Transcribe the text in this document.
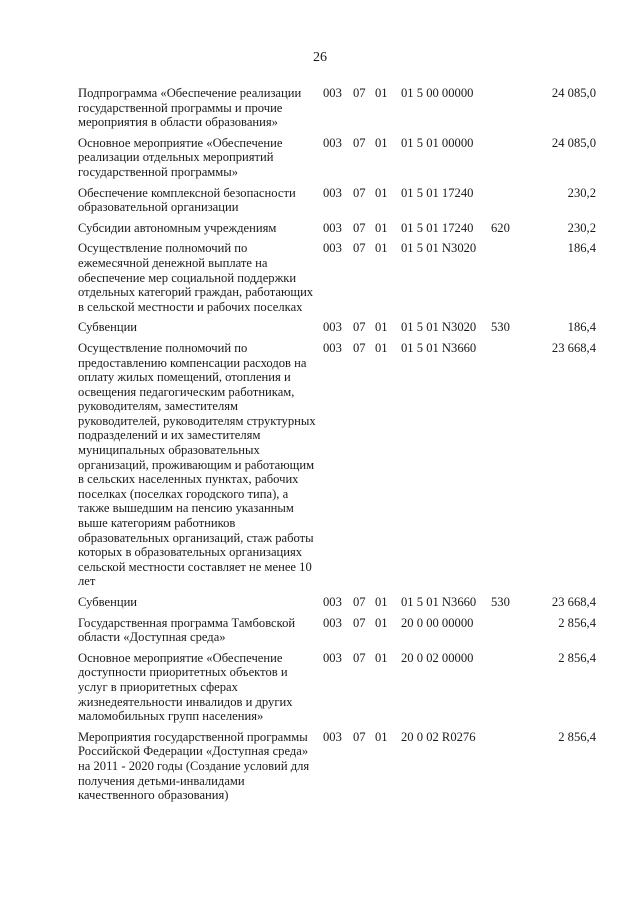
26
Подпрограмма «Обеспечение реализации государственной программы и прочие мероприятия в области образования»
003 07 01 01 5 00 00000	24 085,0
Основное мероприятие «Обеспечение реализации отдельных мероприятий государственной программы»
003 07 01 01 5 01 00000	24 085,0
Обеспечение комплексной безопасности образовательной организации
003 07 01 01 5 01 17240	230,2
Субсидии автономным учреждениям	003 07 01 01 5 01 17240 620	230,2
Осуществление полномочий по ежемесячной денежной выплате на обеспечение мер социальной поддержки отдельных категорий граждан, работающих в сельской местности и рабочих поселках
003 07 01 01 5 01 N3020	186,4
Субвенции	003 07 01 01 5 01 N3020 530	186,4
Осуществление полномочий по предоставлению компенсации расходов на оплату жилых помещений, отопления и освещения педагогическим работникам, руководителям, заместителям руководителей, руководителям структурных подразделений и их заместителям муниципальных образовательных организаций, проживающим и работающим в сельских населенных пунктах, рабочих поселках (поселках городского типа), а также вышедшим на пенсию указанным выше категориям работников образовательных организаций, стаж работы которых в образовательных организациях сельской местности составляет не менее 10 лет
003 07 01 01 5 01 N3660	23 668,4
Субвенции	003 07 01 01 5 01 N3660 530	23 668,4
Государственная программа Тамбовской области «Доступная среда»
003 07 01 20 0 00 00000	2 856,4
Основное мероприятие «Обеспечение доступности приоритетных объектов и услуг в приоритетных сферах жизнедеятельности инвалидов и других маломобильных групп населения»
003 07 01 20 0 02 00000	2 856,4
Мероприятия государственной программы Российской Федерации «Доступная среда» на 2011 - 2020 годы (Создание условий для получения детьми-инвалидами качественного образования)
003 07 01 20 0 02 R0276	2 856,4
